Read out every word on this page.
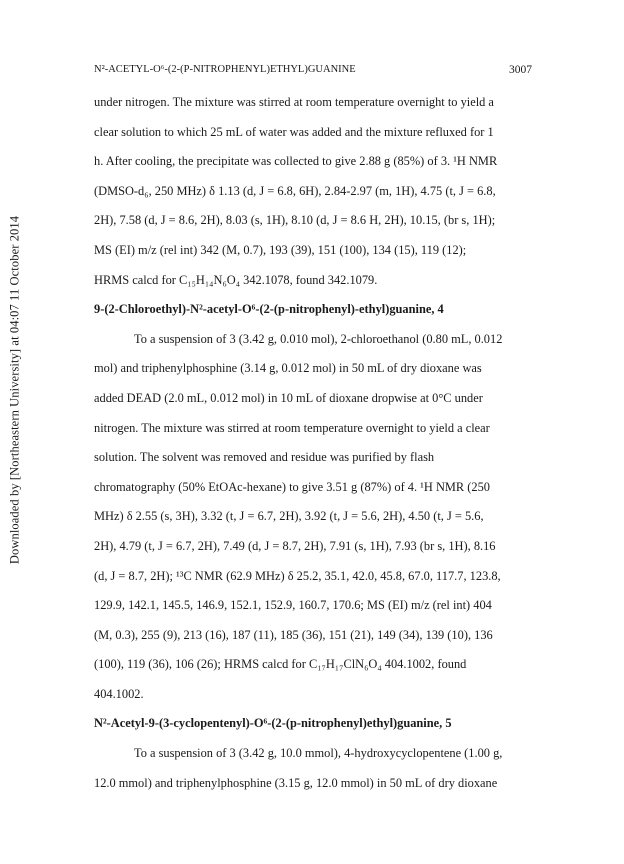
Downloaded by [Northeastern University] at 04:07 11 October 2014
N²-ACETYL-O⁶-(2-(P-NITROPHENYL)ETHYL)GUANINE	3007
under nitrogen. The mixture was stirred at room temperature overnight to yield a
clear solution to which 25 mL of water was added and the mixture refluxed for 1
h. After cooling, the precipitate was collected to give 2.88 g (85%) of 3. ¹H NMR
(DMSO-d₆, 250 MHz) δ 1.13 (d, J = 6.8, 6H), 2.84-2.97 (m, 1H), 4.75 (t, J = 6.8,
2H), 7.58 (d, J = 8.6, 2H), 8.03 (s, 1H), 8.10 (d, J = 8.6 H, 2H), 10.15, (br s, 1H);
MS (EI) m/z (rel int) 342 (M, 0.7), 193 (39), 151 (100), 134 (15), 119 (12);
HRMS calcd for C₁₅H₁₄N₆O₄ 342.1078, found 342.1079.
9-(2-Chloroethyl)-N²-acetyl-O⁶-(2-(p-nitrophenyl)-ethyl)guanine, 4
To a suspension of 3 (3.42 g, 0.010 mol), 2-chloroethanol (0.80 mL, 0.012
mol) and triphenylphosphine (3.14 g, 0.012 mol) in 50 mL of dry dioxane was
added DEAD (2.0 mL, 0.012 mol) in 10 mL of dioxane dropwise at 0°C under
nitrogen. The mixture was stirred at room temperature overnight to yield a clear
solution. The solvent was removed and residue was purified by flash
chromatography (50% EtOAc-hexane) to give 3.51 g (87%) of 4. ¹H NMR (250
MHz) δ 2.55 (s, 3H), 3.32 (t, J = 6.7, 2H), 3.92 (t, J = 5.6, 2H), 4.50 (t, J = 5.6,
2H), 4.79 (t, J = 6.7, 2H), 7.49 (d, J = 8.7, 2H), 7.91 (s, 1H), 7.93 (br s, 1H), 8.16
(d, J = 8.7, 2H); ¹³C NMR (62.9 MHz) δ 25.2, 35.1, 42.0, 45.8, 67.0, 117.7, 123.8,
129.9, 142.1, 145.5, 146.9, 152.1, 152.9, 160.7, 170.6; MS (EI) m/z (rel int) 404
(M, 0.3), 255 (9), 213 (16), 187 (11), 185 (36), 151 (21), 149 (34), 139 (10), 136
(100), 119 (36), 106 (26); HRMS calcd for C₁₇H₁₇ClN₆O₄ 404.1002, found
404.1002.
N²-Acetyl-9-(3-cyclopentenyl)-O⁶-(2-(p-nitrophenyl)ethyl)guanine, 5
To a suspension of 3 (3.42 g, 10.0 mmol), 4-hydroxycyclopentene (1.00 g,
12.0 mmol) and triphenylphosphine (3.15 g, 12.0 mmol) in 50 mL of dry dioxane
